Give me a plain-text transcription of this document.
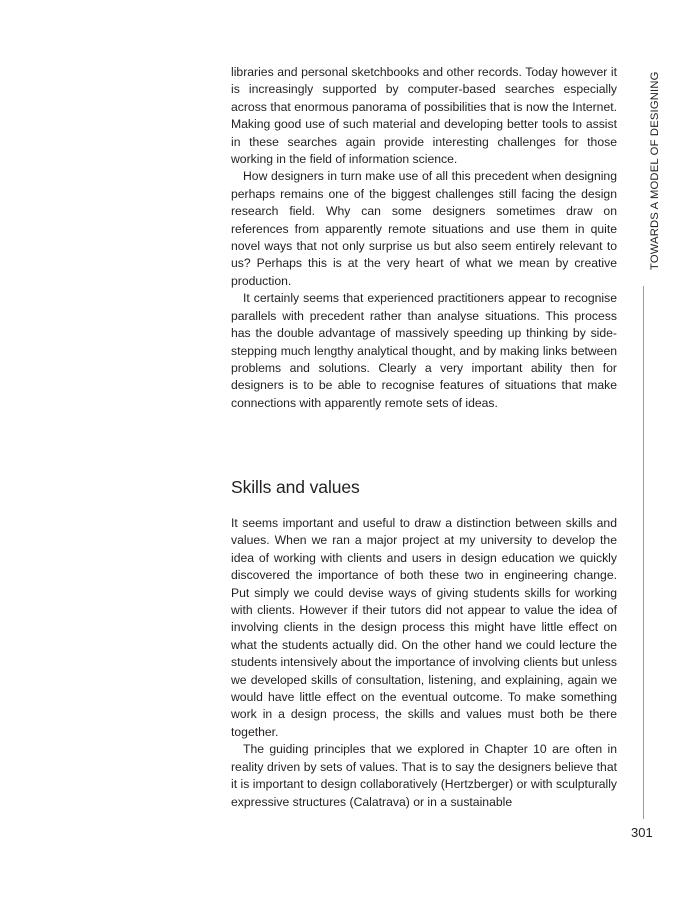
libraries and personal sketchbooks and other records. Today however it is increasingly supported by computer-based searches especially across that enormous panorama of possibilities that is now the Internet. Making good use of such material and developing better tools to assist in these searches again provide interesting challenges for those working in the field of information science.

How designers in turn make use of all this precedent when designing perhaps remains one of the biggest challenges still facing the design research field. Why can some designers sometimes draw on references from apparently remote situations and use them in quite novel ways that not only surprise us but also seem entirely relevant to us? Perhaps this is at the very heart of what we mean by creative production.

It certainly seems that experienced practitioners appear to recognise parallels with precedent rather than analyse situations. This process has the double advantage of massively speeding up thinking by side-stepping much lengthy analytical thought, and by making links between problems and solutions. Clearly a very important ability then for designers is to be able to recognise features of situations that make connections with apparently remote sets of ideas.

Skills and values

It seems important and useful to draw a distinction between skills and values. When we ran a major project at my university to develop the idea of working with clients and users in design education we quickly discovered the importance of both these two in engineering change. Put simply we could devise ways of giving students skills for working with clients. However if their tutors did not appear to value the idea of involving clients in the design process this might have little effect on what the students actually did. On the other hand we could lecture the students intensively about the importance of involving clients but unless we developed skills of consultation, listening, and explaining, again we would have little effect on the eventual outcome. To make something work in a design process, the skills and values must both be there together.

The guiding principles that we explored in Chapter 10 are often in reality driven by sets of values. That is to say the designers believe that it is important to design collaboratively (Hertzberger) or with sculpturally expressive structures (Calatrava) or in a sustainable

TOWARDS A MODEL OF DESIGNING

301
